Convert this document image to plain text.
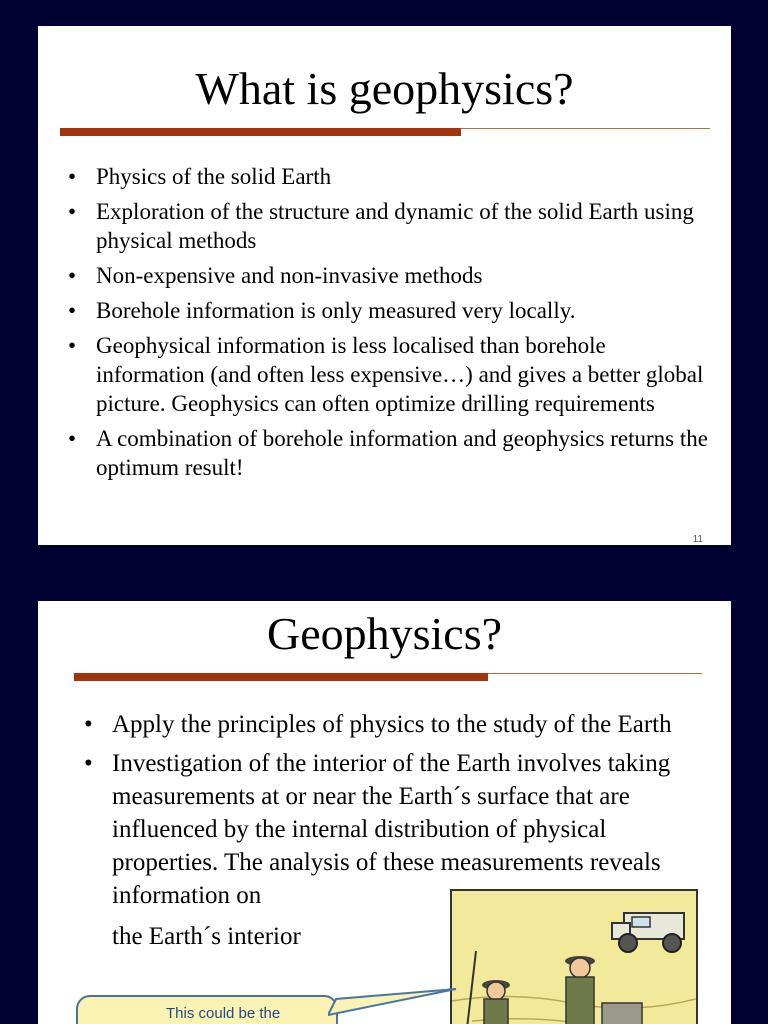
What is geophysics?
• Physics of the solid Earth
• Exploration of the structure and dynamic of the solid Earth using physical methods
• Non-expensive and non-invasive methods
• Borehole information is only measured very locally.
• Geophysical information is less localised than borehole information (and often less expensive…) and gives a better global picture. Geophysics can often optimize drilling requirements
• A combination of borehole information and geophysics returns the optimum result!
11
Geophysics?
• Apply the principles of physics to the study of the Earth
• Investigation of the interior of the Earth involves taking measurements at or near the Earth´s surface that are influenced by the internal distribution of physical properties. The analysis of these measurements reveals information on
the Earth´s interior
This could be the
